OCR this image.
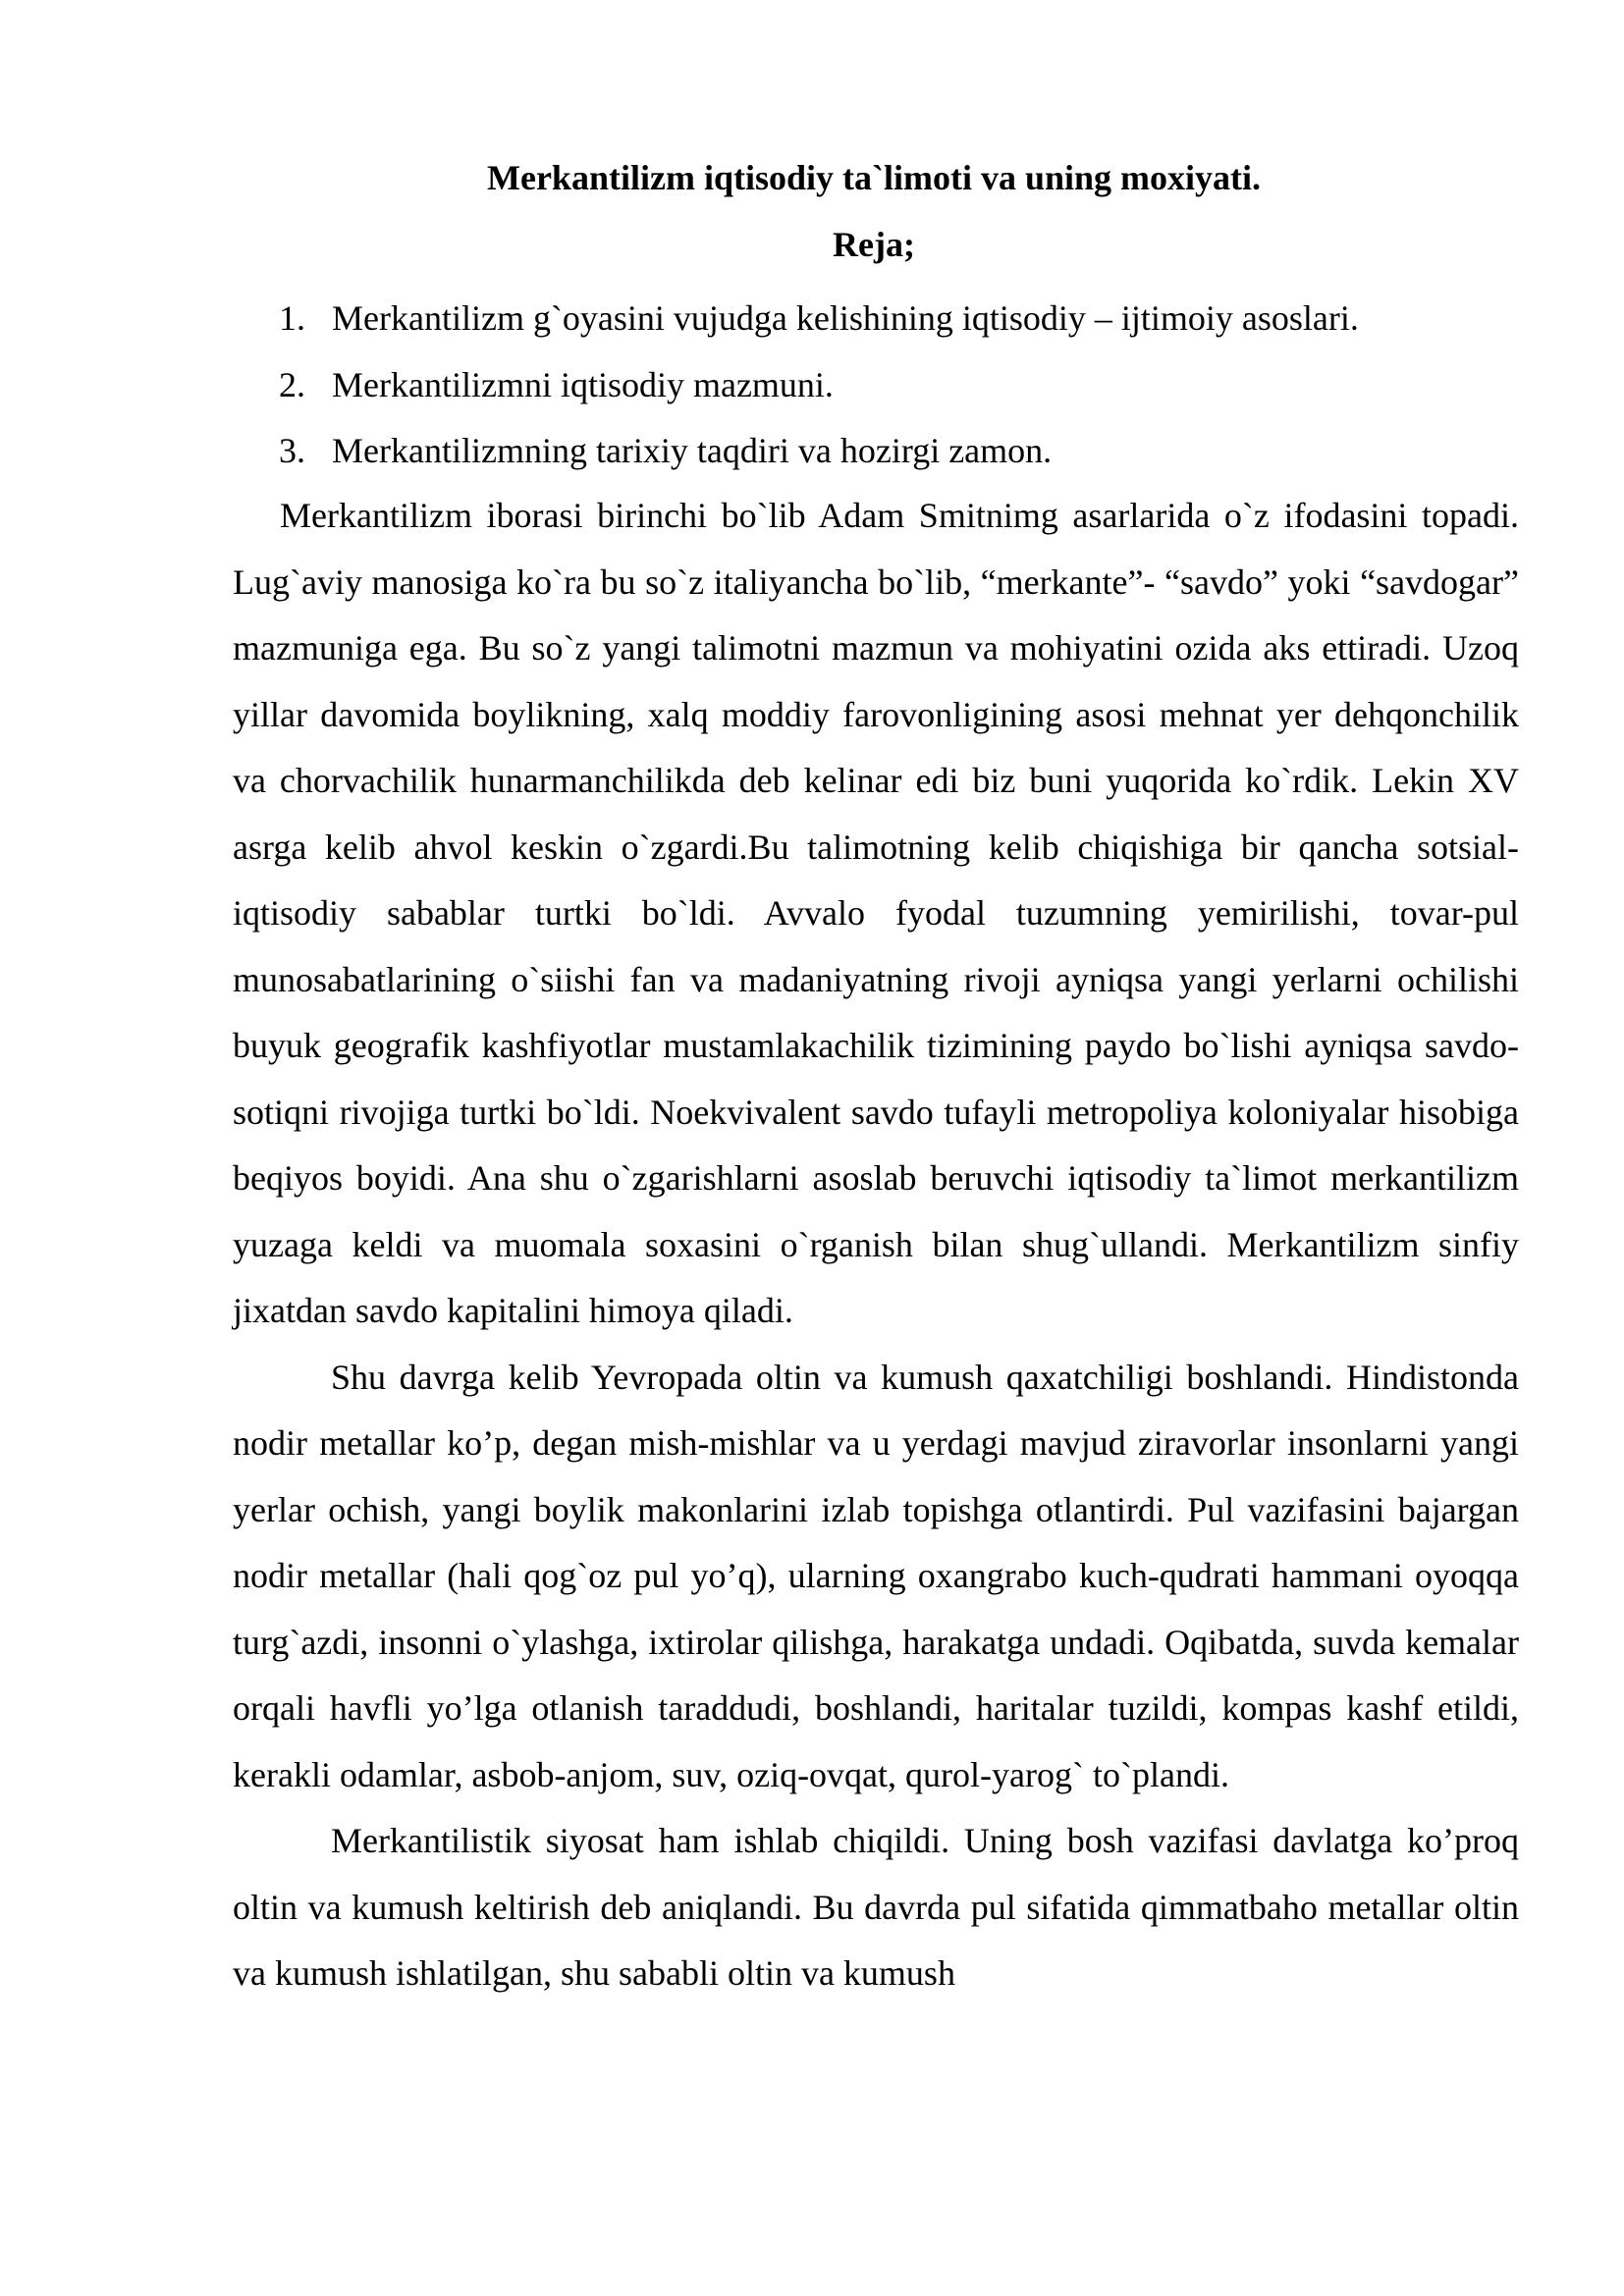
Merkantilizm iqtisodiy ta`limoti va uning moxiyati.
Reja;
1. Merkantilizm g`oyasini vujudga kelishining iqtisodiy – ijtimoiy asoslari.
2. Merkantilizmni iqtisodiy mazmuni.
3. Merkantilizmning tarixiy taqdiri va hozirgi zamon.

Merkantilizm iborasi birinchi bo`lib Adam Smitnimg asarlarida o`z ifodasini topadi. Lug`aviy manosiga ko`ra bu so`z italiyancha bo`lib, “merkante”- “savdo” yoki “savdogar” mazmuniga ega. Bu so`z yangi talimotni mazmun va mohiyatini ozida aks ettiradi. Uzoq yillar davomida boylikning, xalq moddiy farovonligining asosi mehnat yer dehqonchilik va chorvachilik hunarmanchilikda deb kelinar edi biz buni yuqorida ko`rdik. Lekin XV asrga kelib ahvol keskin o`zgardi.Bu talimotning kelib chiqishiga bir qancha sotsial-iqtisodiy sabablar turtki bo`ldi. Avvalo fyodal tuzumning yemirilishi, tovar-pul munosabatlarining o`siishi fan va madaniyatning rivoji ayniqsa yangi yerlarni ochilishi buyuk geografik kashfiyotlar mustamlakachilik tizimining paydo bo`lishi ayniqsa savdo-sotiqni rivojiga turtki bo`ldi. Noekvivalent savdo tufayli metropoliya koloniyalar hisobiga beqiyos boyidi. Ana shu o`zgarishlarni asoslab beruvchi iqtisodiy ta`limot merkantilizm yuzaga keldi va muomala soxasini o`rganish bilan shug`ullandi. Merkantilizm sinfiy jixatdan savdo kapitalini himoya qiladi.

Shu davrga kelib Yevropada oltin va kumush qaxatchiligi boshlandi. Hindistonda nodir metallar ko’p, degan mish-mishlar va u yerdagi mavjud ziravorlar insonlarni yangi yerlar ochish, yangi boylik makonlarini izlab topishga otlantirdi. Pul vazifasini bajargan nodir metallar (hali qog`oz pul yo’q), ularning oxangrabo kuch-qudrati hammani oyoqqa turg`azdi, insonni o`ylashga, ixtirolar qilishga, harakatga undadi. Oqibatda, suvda kemalar orqali havfli yo’lga otlanish taraddudi, boshlandi, haritalar tuzildi, kompas kashf etildi, kerakli odamlar, asbob-anjom, suv, oziq-ovqat, qurol-yarog` to`plandi.

Merkantilistik siyosat ham ishlab chiqildi. Uning bosh vazifasi davlatga ko’proq oltin va kumush keltirish deb aniqlandi. Bu davrda pul sifatida qimmatbaho metallar oltin va kumush ishlatilgan, shu sababli oltin va kumush
